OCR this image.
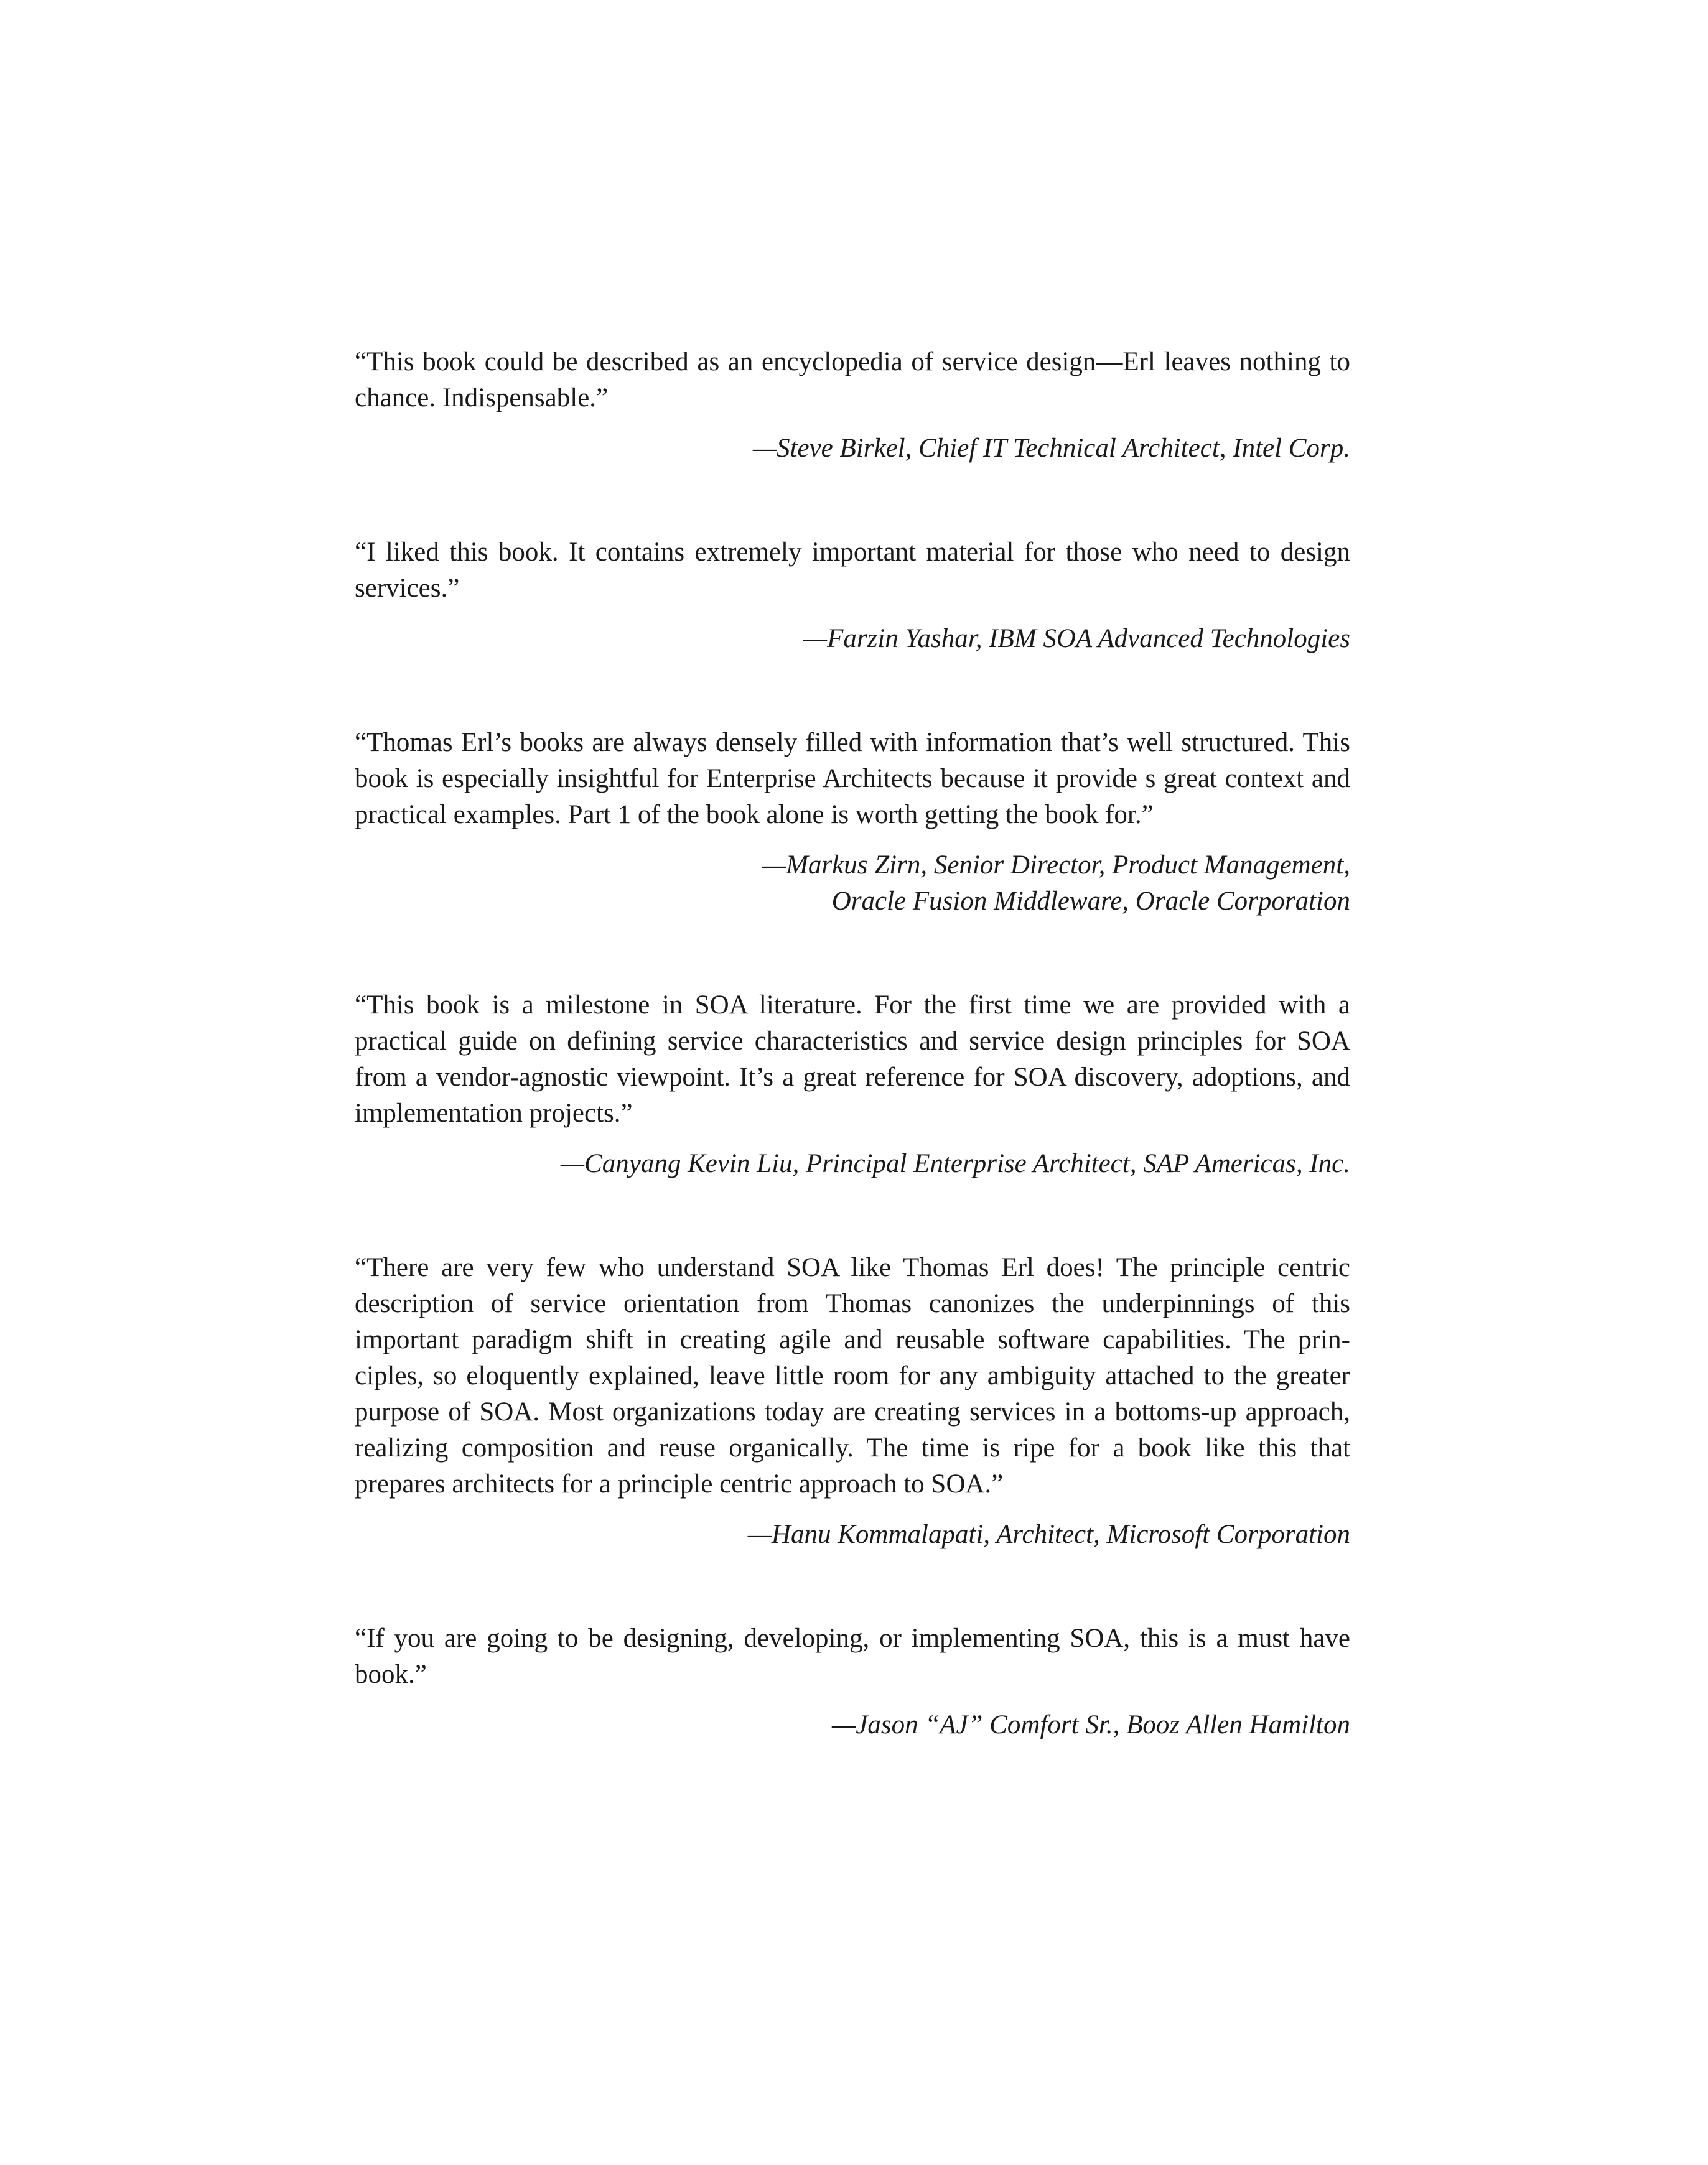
“This book could be described as an encyclopedia of service design—Erl leaves nothing to chance. Indispensable.”

—Steve Birkel, Chief IT Technical Architect, Intel Corp.

“I liked this book. It contains extremely important material for those who need to design services.”

—Farzin Yashar, IBM SOA Advanced Technologies

“Thomas Erl’s books are always densely filled with information that’s well structured. This book is especially insightful for Enterprise Architects because it provide s great context and practical examples. Part 1 of the book alone is worth getting the book for.”

—Markus Zirn, Senior Director, Product Management,
Oracle Fusion Middleware, Oracle Corporation

“This book is a milestone in SOA literature. For the first time we are provided with a practical guide on defining service characteristics and service design principles for SOA from a vendor-agnostic viewpoint. It’s a great reference for SOA discovery, adoptions, and implementation projects.”

—Canyang Kevin Liu, Principal Enterprise Architect, SAP Americas, Inc.

“There are very few who understand SOA like Thomas Erl does! The principle centric description of service orientation from Thomas canonizes the underpinnings of this important paradigm shift in creating agile and reusable software capabilities. The prin-ciples, so eloquently explained, leave little room for any ambiguity attached to the greater purpose of SOA. Most organizations today are creating services in a bottoms-up approach, realizing composition and reuse organically. The time is ripe for a book like this that prepares architects for a principle centric approach to SOA.”

—Hanu Kommalapati, Architect, Microsoft Corporation

“If you are going to be designing, developing, or implementing SOA, this is a must have book.”

—Jason “AJ” Comfort Sr., Booz Allen Hamilton
